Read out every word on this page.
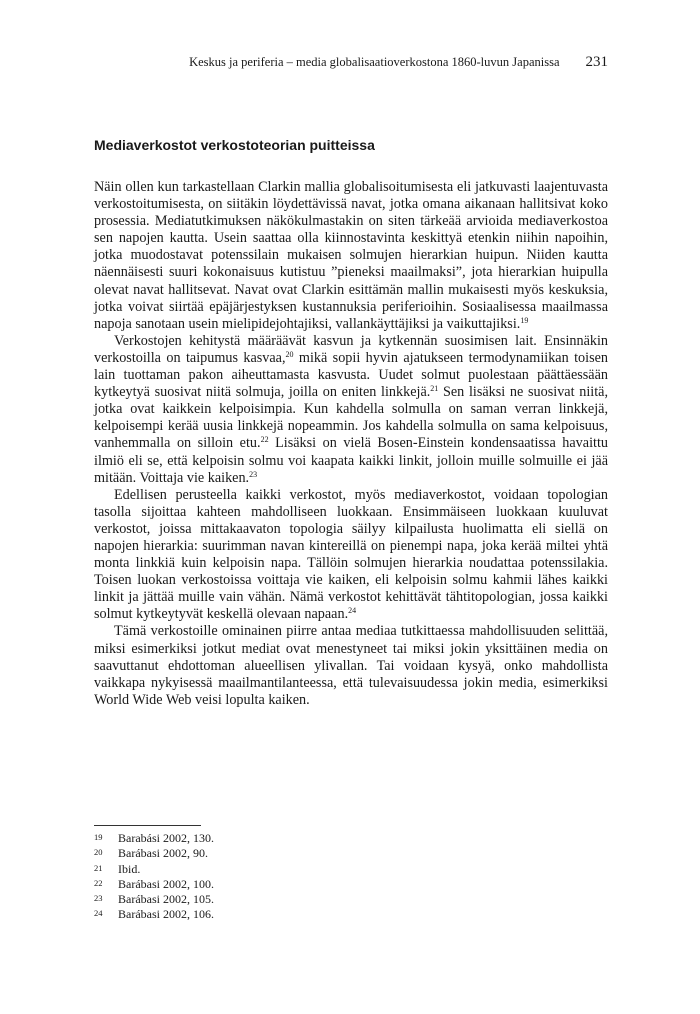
Keskus ja periferia – media globalisaatioverkostona 1860-luvun Japanissa 231
Mediaverkostot verkostoteorian puitteissa

Näin ollen kun tarkastellaan Clarkin mallia globalisoitumisesta eli jatkuvasti laajentuvasta verkostoitumisesta, on siitäkin löydettävissä navat, jotka omana aikanaan hallitsivat koko prosessia. Mediatutkimuksen näkökulmastakin on siten tärkeää arvioida mediaverkostoa sen napojen kautta. Usein saattaa olla kiinnostavinta keskittyä etenkin niihin napoihin, jotka muodostavat potenssilain mukaisen solmujen hierarkian huipun. Niiden kautta näennäisesti suuri kokonaisuus kutistuu ”pieneksi maailmaksi”, jota hierarkian huipulla olevat navat hallitsevat. Navat ovat Clarkin esittämän mallin mukaisesti myös keskuksia, jotka voivat siirtää epäjärjestyksen kustannuksia periferioihin. Sosiaalisessa maailmassa napoja sanotaan usein mielipidejohtajiksi, vallankäyttäjiksi ja vaikuttajiksi.$^{19}$

Verkostojen kehitystä määräävät kasvun ja kytkennän suosimisen lait. Ensinnäkin verkostoilla on taipumus kasvaa,$^{20}$ mikä sopii hyvin ajatukseen termodynamiikan toisen lain tuottaman pakon aiheuttamasta kasvusta. Uudet solmut puolestaan päättäessään kytkeytyä suosivat niitä solmuja, joilla on eniten linkkejä.$^{21}$ Sen lisäksi ne suosivat niitä, jotka ovat kaikkein kelpoisimpia. Kun kahdella solmulla on saman verran linkkejä, kelpoisempi kerää uusia linkkejä nopeammin. Jos kahdella solmulla on sama kelpoisuus, vanhemmalla on silloin etu.$^{22}$ Lisäksi on vielä Bosen-Einstein kondensaatissa havaittu ilmiö eli se, että kelpoisin solmu voi kaapata kaikki linkit, jolloin muille solmuille ei jää mitään. Voittaja vie kaiken.$^{23}$

Edellisen perusteella kaikki verkostot, myös mediaverkostot, voidaan topologian tasolla sijoittaa kahteen mahdolliseen luokkaan. Ensimmäiseen luokkaan kuuluvat verkostot, joissa mittakaavaton topologia säilyy kilpailusta huolimatta eli siellä on napojen hierarkia: suurimman navan kintereillä on pienempi napa, joka kerää miltei yhtä monta linkkiä kuin kelpoisin napa. Tällöin solmujen hierarkia noudattaa potenssilakia. Toisen luokan verkostoissa voittaja vie kaiken, eli kelpoisin solmu kahmii lähes kaikki linkit ja jättää muille vain vähän. Nämä verkostot kehittävät tähtitopologian, jossa kaikki solmut kytkeytyvät keskellä olevaan napaan.$^{24}$

Tämä verkostoille ominainen piirre antaa mediaa tutkittaessa mahdollisuuden selittää, miksi esimerkiksi jotkut mediat ovat menestyneet tai miksi jokin yksittäinen media on saavuttanut ehdottoman alueellisen ylivallan. Tai voidaan kysyä, onko mahdollista vaikkapa nykyisessä maailmantilanteessa, että tulevaisuudessa jokin media, esimerkiksi World Wide Web veisi lopulta kaiken.

19	Barabási 2002, 130.
20	Barábasi 2002, 90.
21	Ibid.
22	Barábasi 2002, 100.
23	Barábasi 2002, 105.
24	Barábasi 2002, 106.
